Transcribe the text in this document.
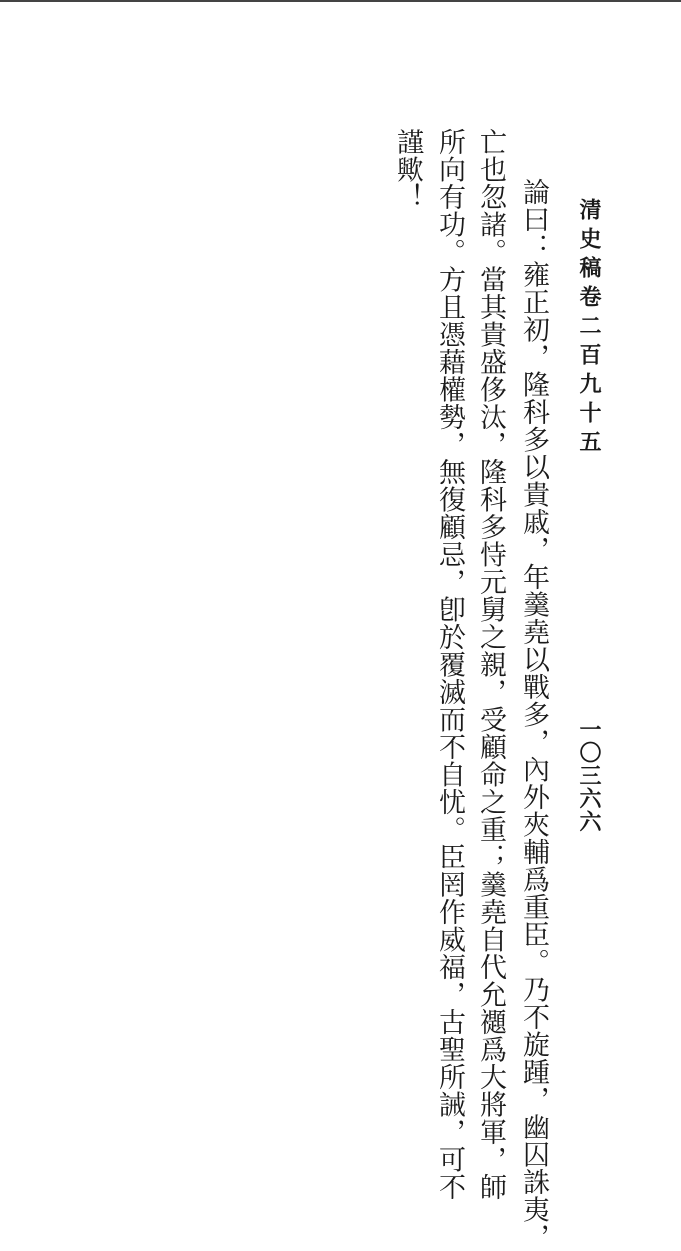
清史稿卷二百九十五
一〇三六六
論曰：雍正初，隆科多以貴戚，年羹堯以戰多，內外夾輔爲重臣。乃不旋踵，幽囚誅夷，
亡也忽諸。當其貴盛侈汰，隆科多恃元舅之親，受顧命之重；羹堯自代允禵爲大將軍，師
所向有功。方且憑藉權勢，無復顧忌，卽於覆滅而不自忧。臣罔作威福，古聖所誡，可不
謹歟！
